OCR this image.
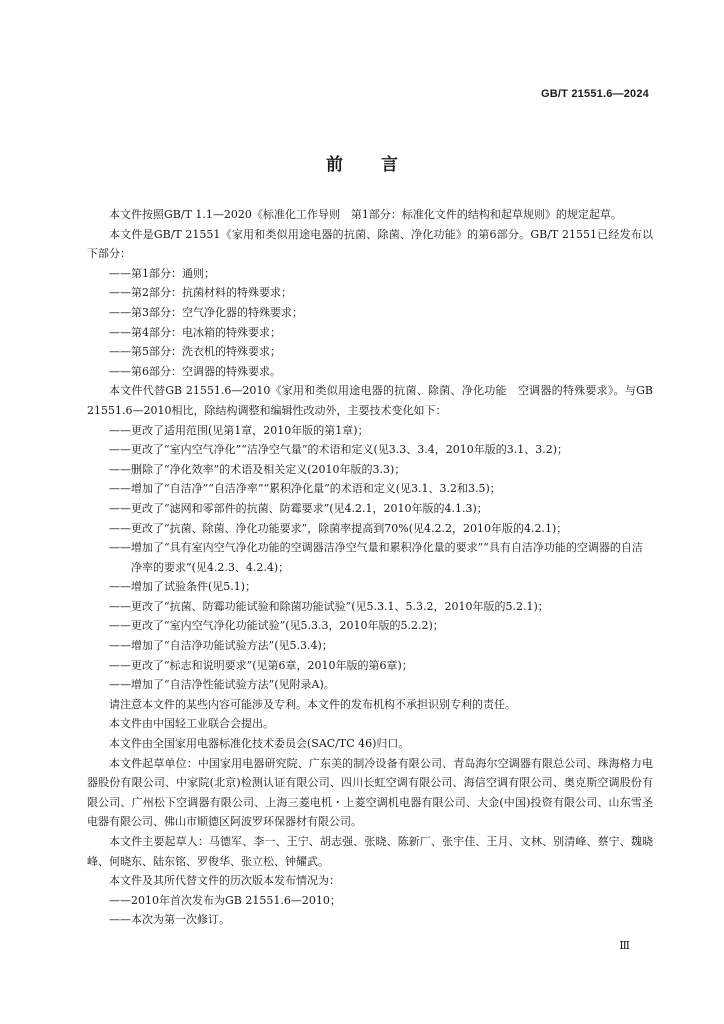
GB/T 21551.6—2024
前 言

本文件按照GB/T 1.1—2020《标准化工作导则　第1部分：标准化文件的结构和起草规则》的规定起草。

本文件是GB/T 21551《家用和类似用途电器的抗菌、除菌、净化功能》的第6部分。GB/T 21551已经发布以下部分：

——第1部分：通则；
——第2部分：抗菌材料的特殊要求；
——第3部分：空气净化器的特殊要求；
——第4部分：电冰箱的特殊要求；
——第5部分：洗衣机的特殊要求；
——第6部分：空调器的特殊要求。

本文件代替GB 21551.6—2010《家用和类似用途电器的抗菌、除菌、净化功能　空调器的特殊要求》。与GB 21551.6—2010相比，除结构调整和编辑性改动外，主要技术变化如下：

——更改了适用范围(见第1章，2010年版的第1章)；
——更改了“室内空气净化”“洁净空气量”的术语和定义(见3.3、3.4，2010年版的3.1、3.2)；
——删除了“净化效率”的术语及相关定义(2010年版的3.3)；
——增加了“自洁净”“自洁净率”“累积净化量”的术语和定义(见3.1、3.2和3.5)；
——更改了“滤网和零部件的抗菌、防霉要求”(见4.2.1，2010年版的4.1.3)；
——更改了“抗菌、除菌、净化功能要求”，除菌率提高到70%(见4.2.2，2010年版的4.2.1)；
——增加了“具有室内空气净化功能的空调器洁净空气量和累积净化量的要求”“具有自洁净功能的空调器的自洁净率的要求”(见4.2.3、4.2.4)；
——增加了试验条件(见5.1)；
——更改了“抗菌、防霉功能试验和除菌功能试验”(见5.3.1、5.3.2，2010年版的5.2.1)；
——更改了“室内空气净化功能试验”(见5.3.3，2010年版的5.2.2)；
——增加了“自洁净功能试验方法”(见5.3.4)；
——更改了“标志和说明要求”(见第6章，2010年版的第6章)；
——增加了“自洁净性能试验方法”(见附录A)。

请注意本文件的某些内容可能涉及专利。本文件的发布机构不承担识别专利的责任。

本文件由中国轻工业联合会提出。

本文件由全国家用电器标准化技术委员会(SAC/TC 46)归口。

本文件起草单位：中国家用电器研究院、广东美的制冷设备有限公司、青岛海尔空调器有限总公司、珠海格力电器股份有限公司、中家院(北京)检测认证有限公司、四川长虹空调有限公司、海信空调有限公司、奥克斯空调股份有限公司、广州松下空调器有限公司、上海三菱电机・上菱空调机电器有限公司、大金(中国)投资有限公司、山东雪圣电器有限公司、佛山市顺德区阿波罗环保器材有限公司。

本文件主要起草人：马德军、李一、王宁、胡志强、张晓、陈新厂、张宇佳、王月、文林、别清峰、蔡宁、魏晓峰、何晓东、陆东铭、罗俊华、张立松、钟耀武。

本文件及其所代替文件的历次版本发布情况为：

——2010年首次发布为GB 21551.6—2010；
——本次为第一次修订。
Ⅲ
